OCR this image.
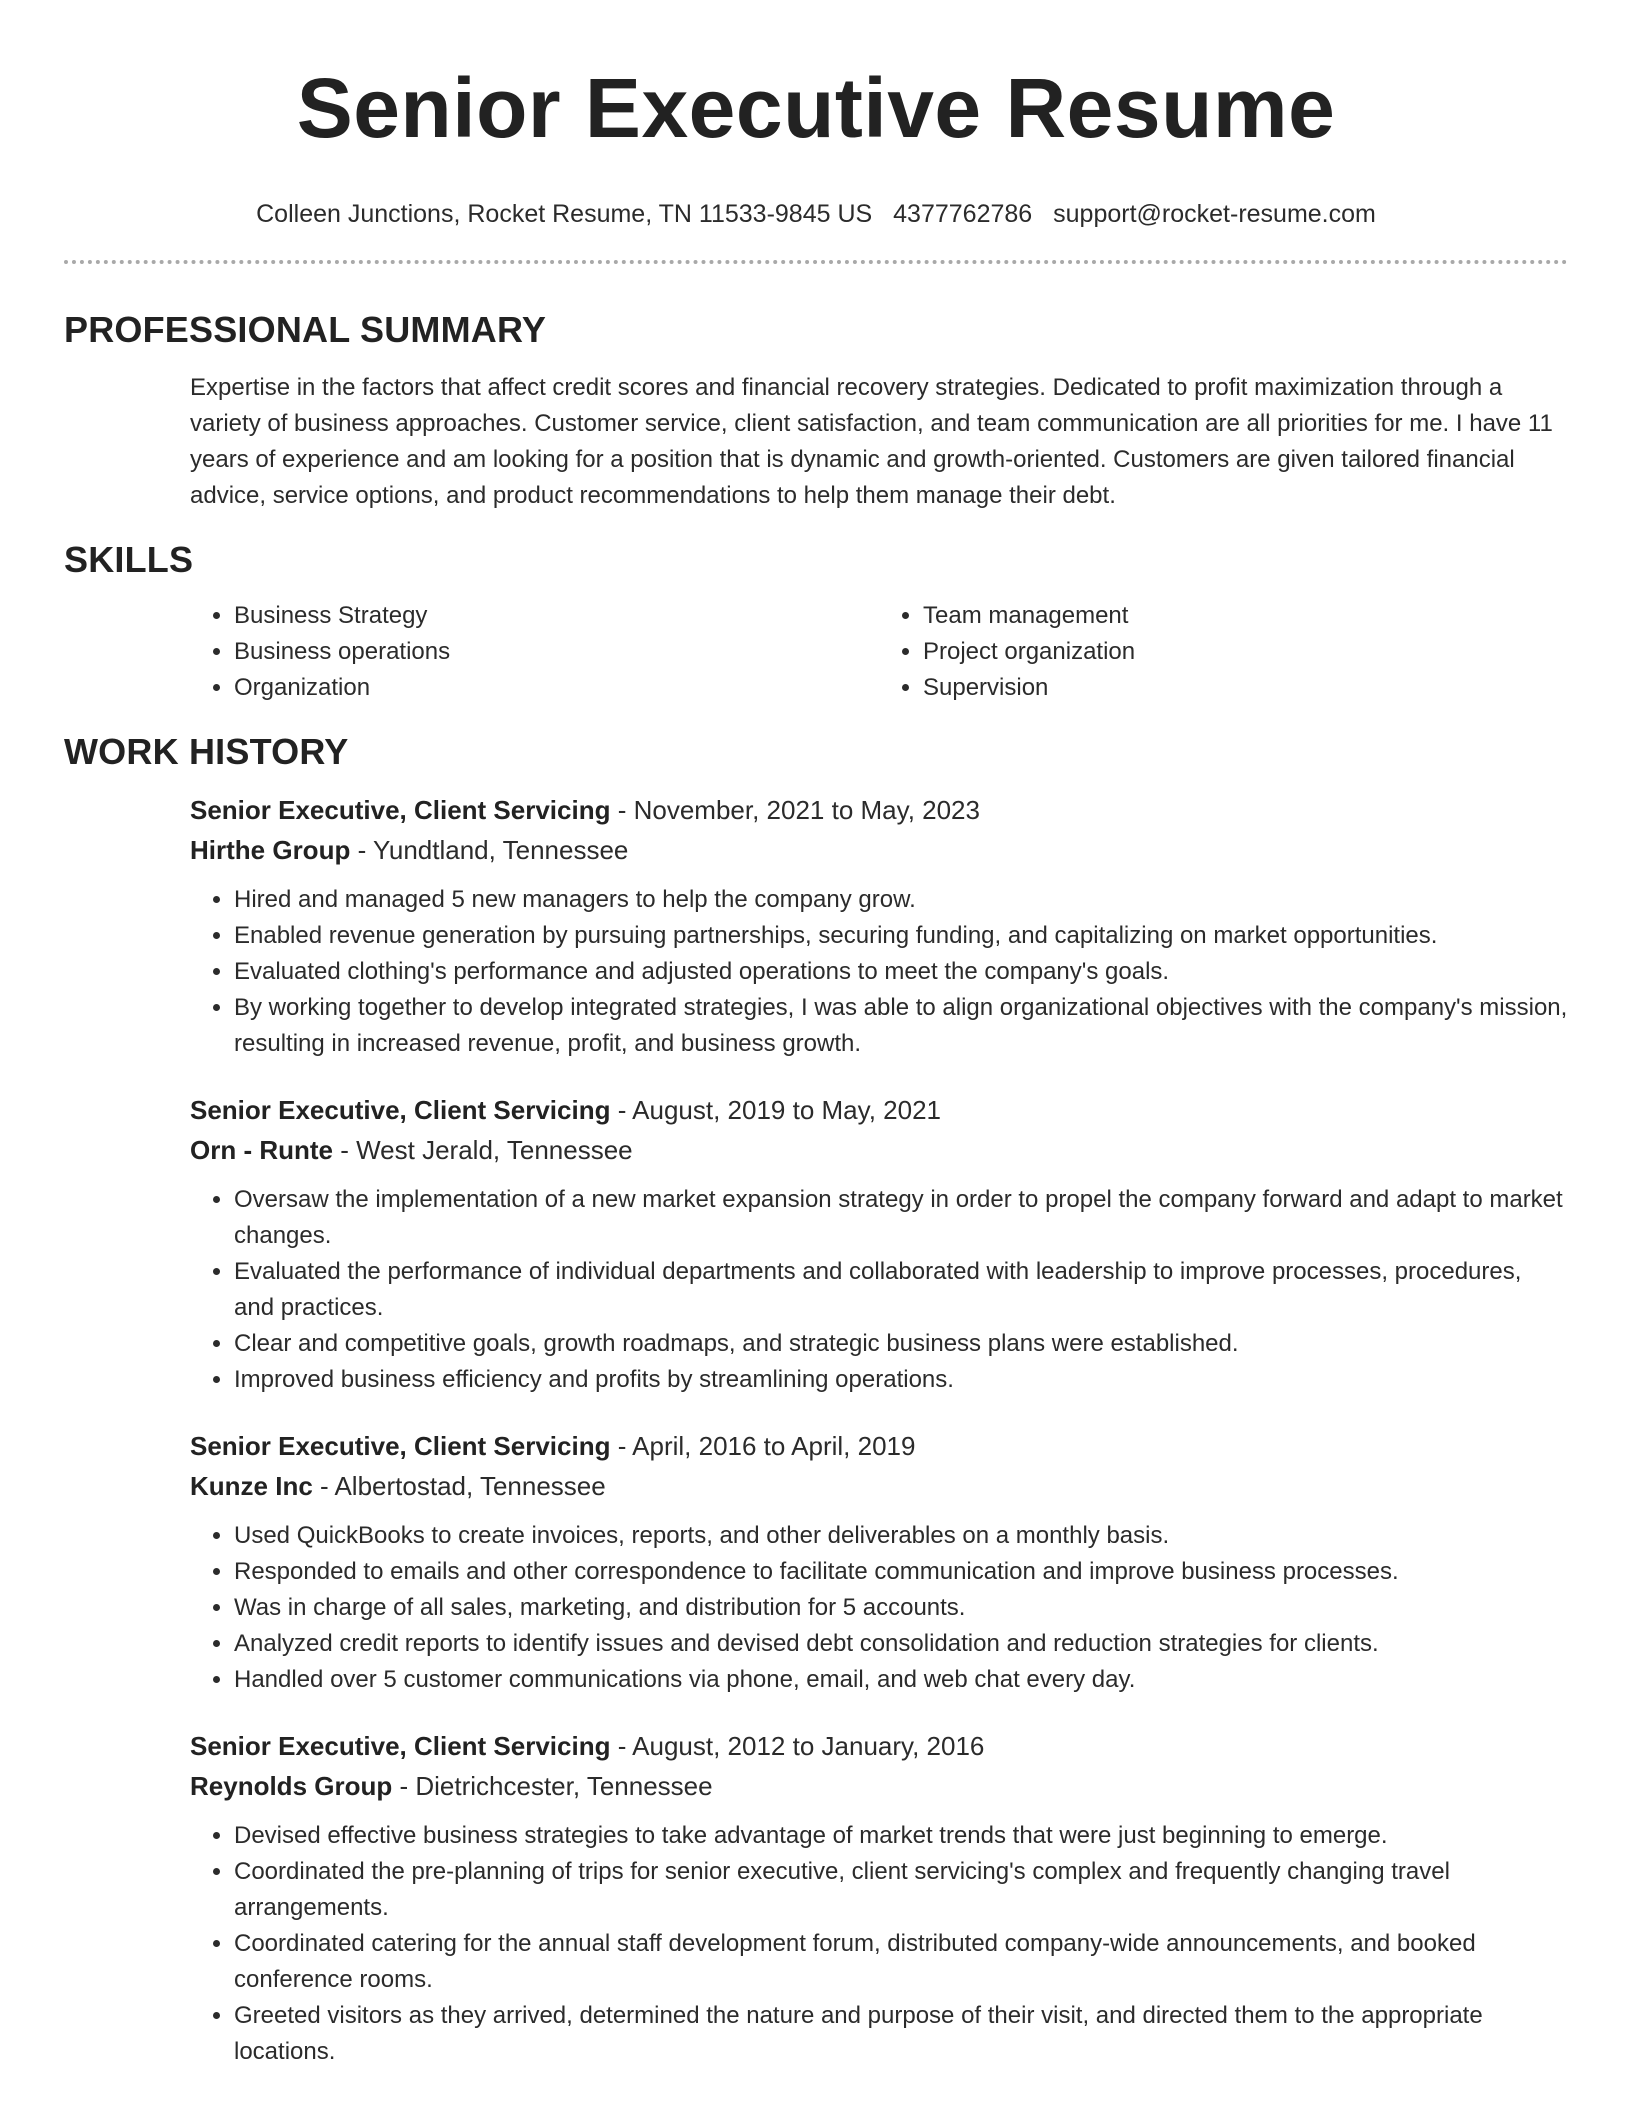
Senior Executive Resume
Colleen Junctions, Rocket Resume, TN 11533-9845 US 4377762786 support@rocket-resume.com
PROFESSIONAL SUMMARY

Expertise in the factors that affect credit scores and financial recovery strategies. Dedicated to profit maximization through a variety of business approaches. Customer service, client satisfaction, and team communication are all priorities for me. I have 11 years of experience and am looking for a position that is dynamic and growth-oriented. Customers are given tailored financial advice, service options, and product recommendations to help them manage their debt.

SKILLS
• Business Strategy
• Business operations
• Organization
• Team management
• Project organization
• Supervision
WORK HISTORY
Senior Executive, Client Servicing - November, 2021 to May, 2023
Hirthe Group - Yundtland, Tennessee
• Hired and managed 5 new managers to help the company grow.
• Enabled revenue generation by pursuing partnerships, securing funding, and capitalizing on market opportunities.
• Evaluated clothing's performance and adjusted operations to meet the company's goals.
• By working together to develop integrated strategies, I was able to align organizational objectives with the company's mission, resulting in increased revenue, profit, and business growth.
Senior Executive, Client Servicing - August, 2019 to May, 2021
Orn - Runte - West Jerald, Tennessee
• Oversaw the implementation of a new market expansion strategy in order to propel the company forward and adapt to market changes.
• Evaluated the performance of individual departments and collaborated with leadership to improve processes, procedures, and practices.
• Clear and competitive goals, growth roadmaps, and strategic business plans were established.
• Improved business efficiency and profits by streamlining operations.
Senior Executive, Client Servicing - April, 2016 to April, 2019
Kunze Inc - Albertostad, Tennessee
• Used QuickBooks to create invoices, reports, and other deliverables on a monthly basis.
• Responded to emails and other correspondence to facilitate communication and improve business processes.
• Was in charge of all sales, marketing, and distribution for 5 accounts.
• Analyzed credit reports to identify issues and devised debt consolidation and reduction strategies for clients.
• Handled over 5 customer communications via phone, email, and web chat every day.
Senior Executive, Client Servicing - August, 2012 to January, 2016
Reynolds Group - Dietrichcester, Tennessee
• Devised effective business strategies to take advantage of market trends that were just beginning to emerge.
• Coordinated the pre-planning of trips for senior executive, client servicing's complex and frequently changing travel arrangements.
• Coordinated catering for the annual staff development forum, distributed company-wide announcements, and booked conference rooms.
• Greeted visitors as they arrived, determined the nature and purpose of their visit, and directed them to the appropriate locations.
